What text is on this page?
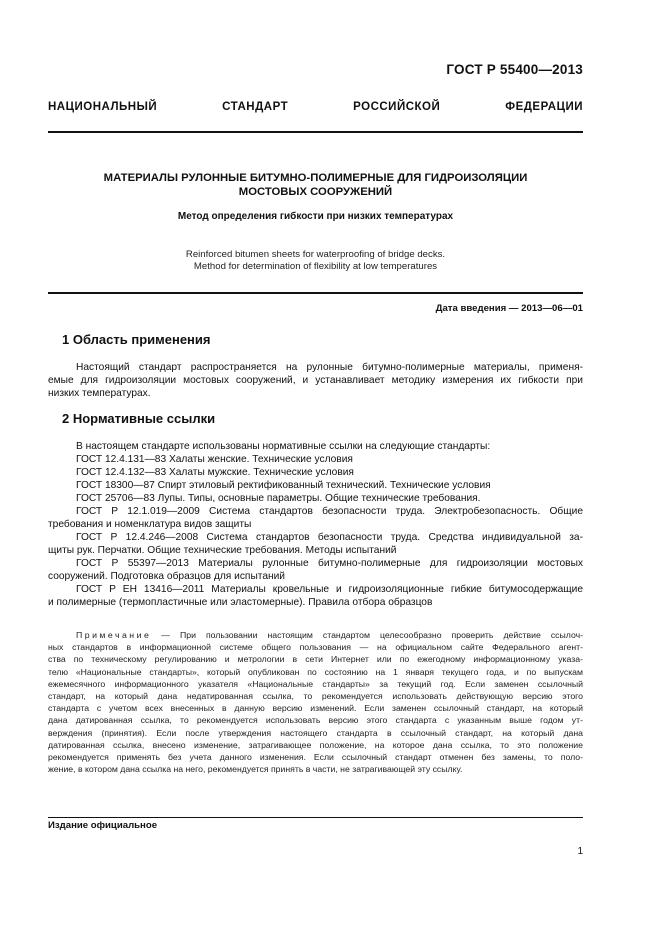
ГОСТ Р 55400—2013
НАЦИОНАЛЬНЫЙ СТАНДАРТ РОССИЙСКОЙ ФЕДЕРАЦИИ
МАТЕРИАЛЫ РУЛОННЫЕ БИТУМНО-ПОЛИМЕРНЫЕ ДЛЯ ГИДРОИЗОЛЯЦИИ
МОСТОВЫХ СООРУЖЕНИЙ
Метод определения гибкости при низких температурах
Reinforced bitumen sheets for waterproofing of bridge decks.
Method for determination of flexibility at low temperatures
Дата введения — 2013—06—01
1 Область применения
Настоящий стандарт распространяется на рулонные битумно-полимерные материалы, применя-
емые для гидроизоляции мостовых сооружений, и устанавливает методику измерения их гибкости при
низких температурах.
2 Нормативные ссылки
В настоящем стандарте использованы нормативные ссылки на следующие стандарты:
ГОСТ 12.4.131—83 Халаты женские. Технические условия
ГОСТ 12.4.132—83 Халаты мужские. Технические условия
ГОСТ 18300—87 Спирт этиловый ректификованный технический. Технические условия
ГОСТ 25706—83 Лупы. Типы, основные параметры. Общие технические требования.
ГОСТ Р 12.1.019—2009 Система стандартов безопасности труда. Электробезопасность. Общие
требования и номенклатура видов защиты
ГОСТ Р 12.4.246—2008 Система стандартов безопасности труда. Средства индивидуальной за-
щиты рук. Перчатки. Общие технические требования. Методы испытаний
ГОСТ Р 55397—2013 Материалы рулонные битумно-полимерные для гидроизоляции мостовых
сооружений. Подготовка образцов для испытаний
ГОСТ Р ЕН 13416—2011 Материалы кровельные и гидроизоляционные гибкие битумосодержащие
и полимерные (термопластичные или эластомерные). Правила отбора образцов
Примечание — При пользовании настоящим стандартом целесообразно проверить действие ссылоч-
ных стандартов в информационной системе общего пользования — на официальном сайте Федерального агент-
ства по техническому регулированию и метрологии в сети Интернет или по ежегодному информационному указа-
телю «Национальные стандарты», который опубликован по состоянию на 1 января текущего года, и по выпускам
ежемесячного информационного указателя «Национальные стандарты» за текущий год. Если заменен ссылочный
стандарт, на который дана недатированная ссылка, то рекомендуется использовать действующую версию этого
стандарта с учетом всех внесенных в данную версию изменений. Если заменен ссылочный стандарт, на который
дана датированная ссылка, то рекомендуется использовать версию этого стандарта с указанным выше годом ут-
верждения (принятия). Если после утверждения настоящего стандарта в ссылочный стандарт, на который дана
датированная ссылка, внесено изменение, затрагивающее положение, на которое дана ссылка, то это положение
рекомендуется применять без учета данного изменения. Если ссылочный стандарт отменен без замены, то поло-
жение, в котором дана ссылка на него, рекомендуется принять в части, не затрагивающей эту ссылку.
Издание официальное
1
